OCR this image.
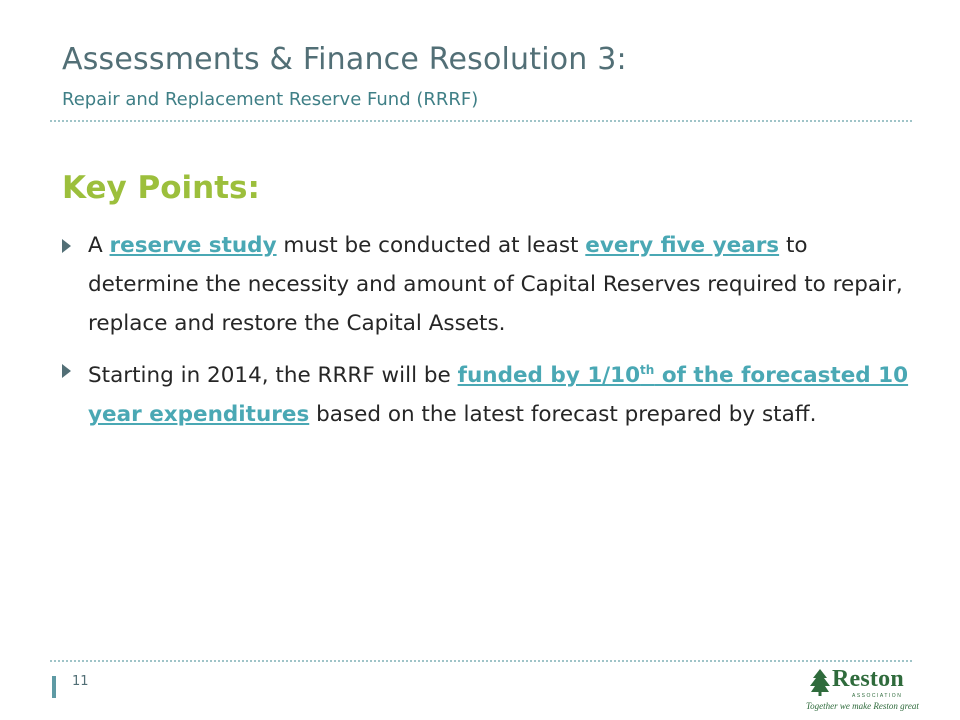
Assessments & Finance Resolution 3:
Repair and Replacement Reserve Fund (RRRF)
Key Points:
A reserve study must be conducted at least every five years to determine the necessity and amount of Capital Reserves required to repair, replace and restore the Capital Assets.
Starting in 2014, the RRRF will be funded by 1/10th of the forecasted 10 year expenditures based on the latest forecast prepared by staff.
11	Reston
ASSOCIATION
Together we make Reston great
